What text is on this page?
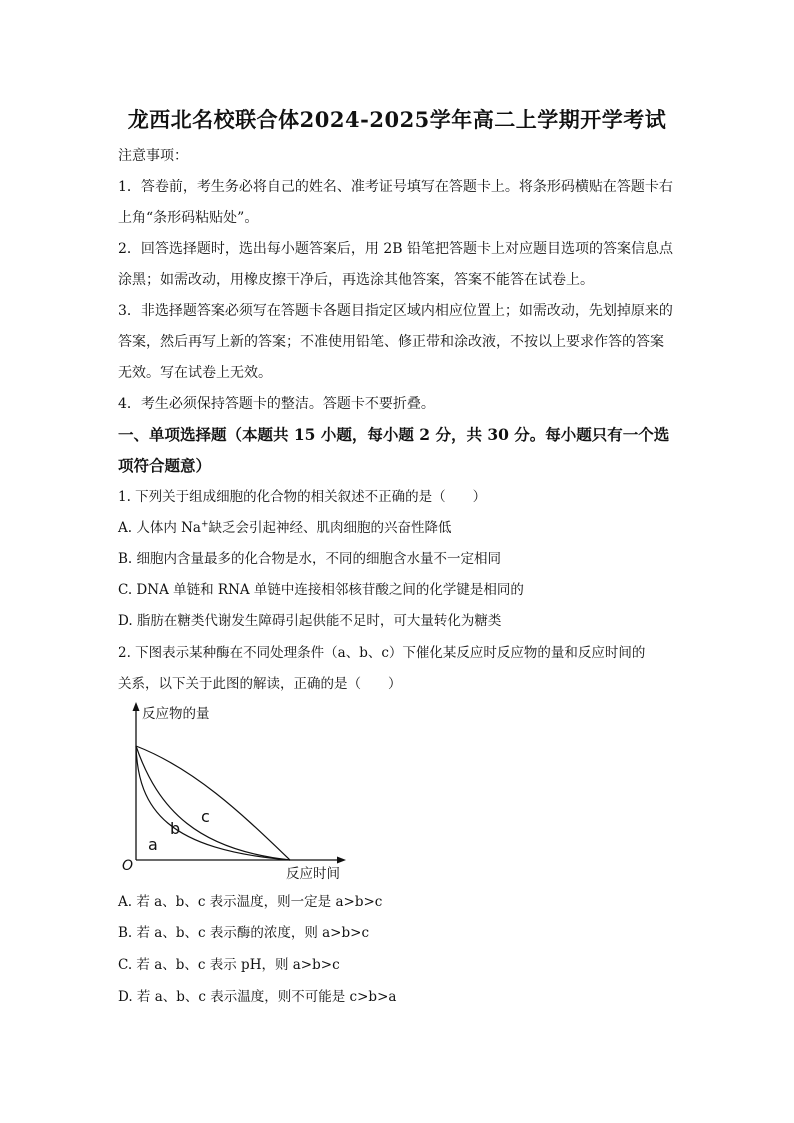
龙西北名校联合体2024-2025学年高二上学期开学考试
注意事项：
1．答卷前，考生务必将自己的姓名、准考证号填写在答题卡上。将条形码横贴在答题卡右
上角“条形码粘贴处”。
2．回答选择题时，选出每小题答案后，用 2B 铅笔把答题卡上对应题目选项的答案信息点
涂黑；如需改动，用橡皮擦干净后，再选涂其他答案，答案不能答在试卷上。
3．非选择题答案必须写在答题卡各题目指定区域内相应位置上；如需改动，先划掉原来的
答案，然后再写上新的答案；不准使用铅笔、修正带和涂改液，不按以上要求作答的答案
无效。写在试卷上无效。
4．考生必须保持答题卡的整洁。答题卡不要折叠。
一、单项选择题（本题共 15 小题，每小题 2 分，共 30 分。每小题只有一个选
项符合题意）
1. 下列关于组成细胞的化合物的相关叙述不正确的是（　　）
A. 人体内 Na+缺乏会引起神经、肌肉细胞的兴奋性降低
B. 细胞内含量最多的化合物是水，不同的细胞含水量不一定相同
C. DNA 单链和 RNA 单链中连接相邻核苷酸之间的化学键是相同的
D. 脂肪在糖类代谢发生障碍引起供能不足时，可大量转化为糖类
2. 下图表示某种酶在不同处理条件（a、b、c）下催化某反应时反应物的量和反应时间的
关系，以下关于此图的解读，正确的是（　　）
反应物的量
反应时间
O
a
b
c
A. 若 a、b、c 表示温度，则一定是 a>b>c
B. 若 a、b、c 表示酶的浓度，则 a>b>c
C. 若 a、b、c 表示 pH，则 a>b>c
D. 若 a、b、c 表示温度，则不可能是 c>b>a
